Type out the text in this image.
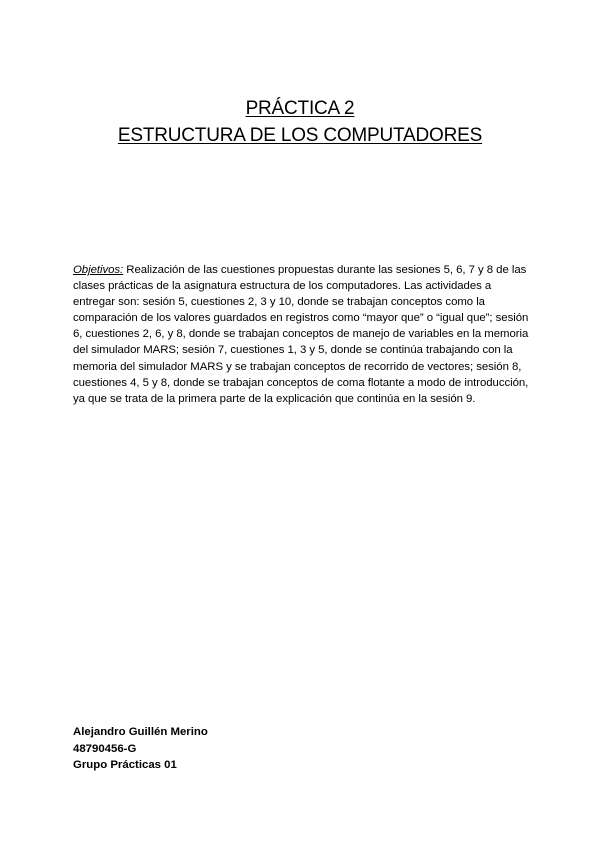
PRÁCTICA 2
ESTRUCTURA DE LOS COMPUTADORES
Objetivos: Realización de las cuestiones propuestas durante las sesiones 5, 6, 7 y 8 de las clases prácticas de la asignatura estructura de los computadores. Las actividades a entregar son: sesión 5, cuestiones 2, 3 y 10, donde se trabajan conceptos como la comparación de los valores guardados en registros como “mayor que” o “igual que”; sesión 6, cuestiones 2, 6, y 8, donde se trabajan conceptos de manejo de variables en la memoria del simulador MARS; sesión 7, cuestiones 1, 3 y 5, donde se continúa trabajando con la memoria del simulador MARS y se trabajan conceptos de recorrido de vectores; sesión 8, cuestiones 4, 5 y 8, donde se trabajan conceptos de coma flotante a modo de introducción, ya que se trata de la primera parte de la explicación que continúa en la sesión 9.
Alejandro Guillén Merino
48790456-G
Grupo Prácticas 01
